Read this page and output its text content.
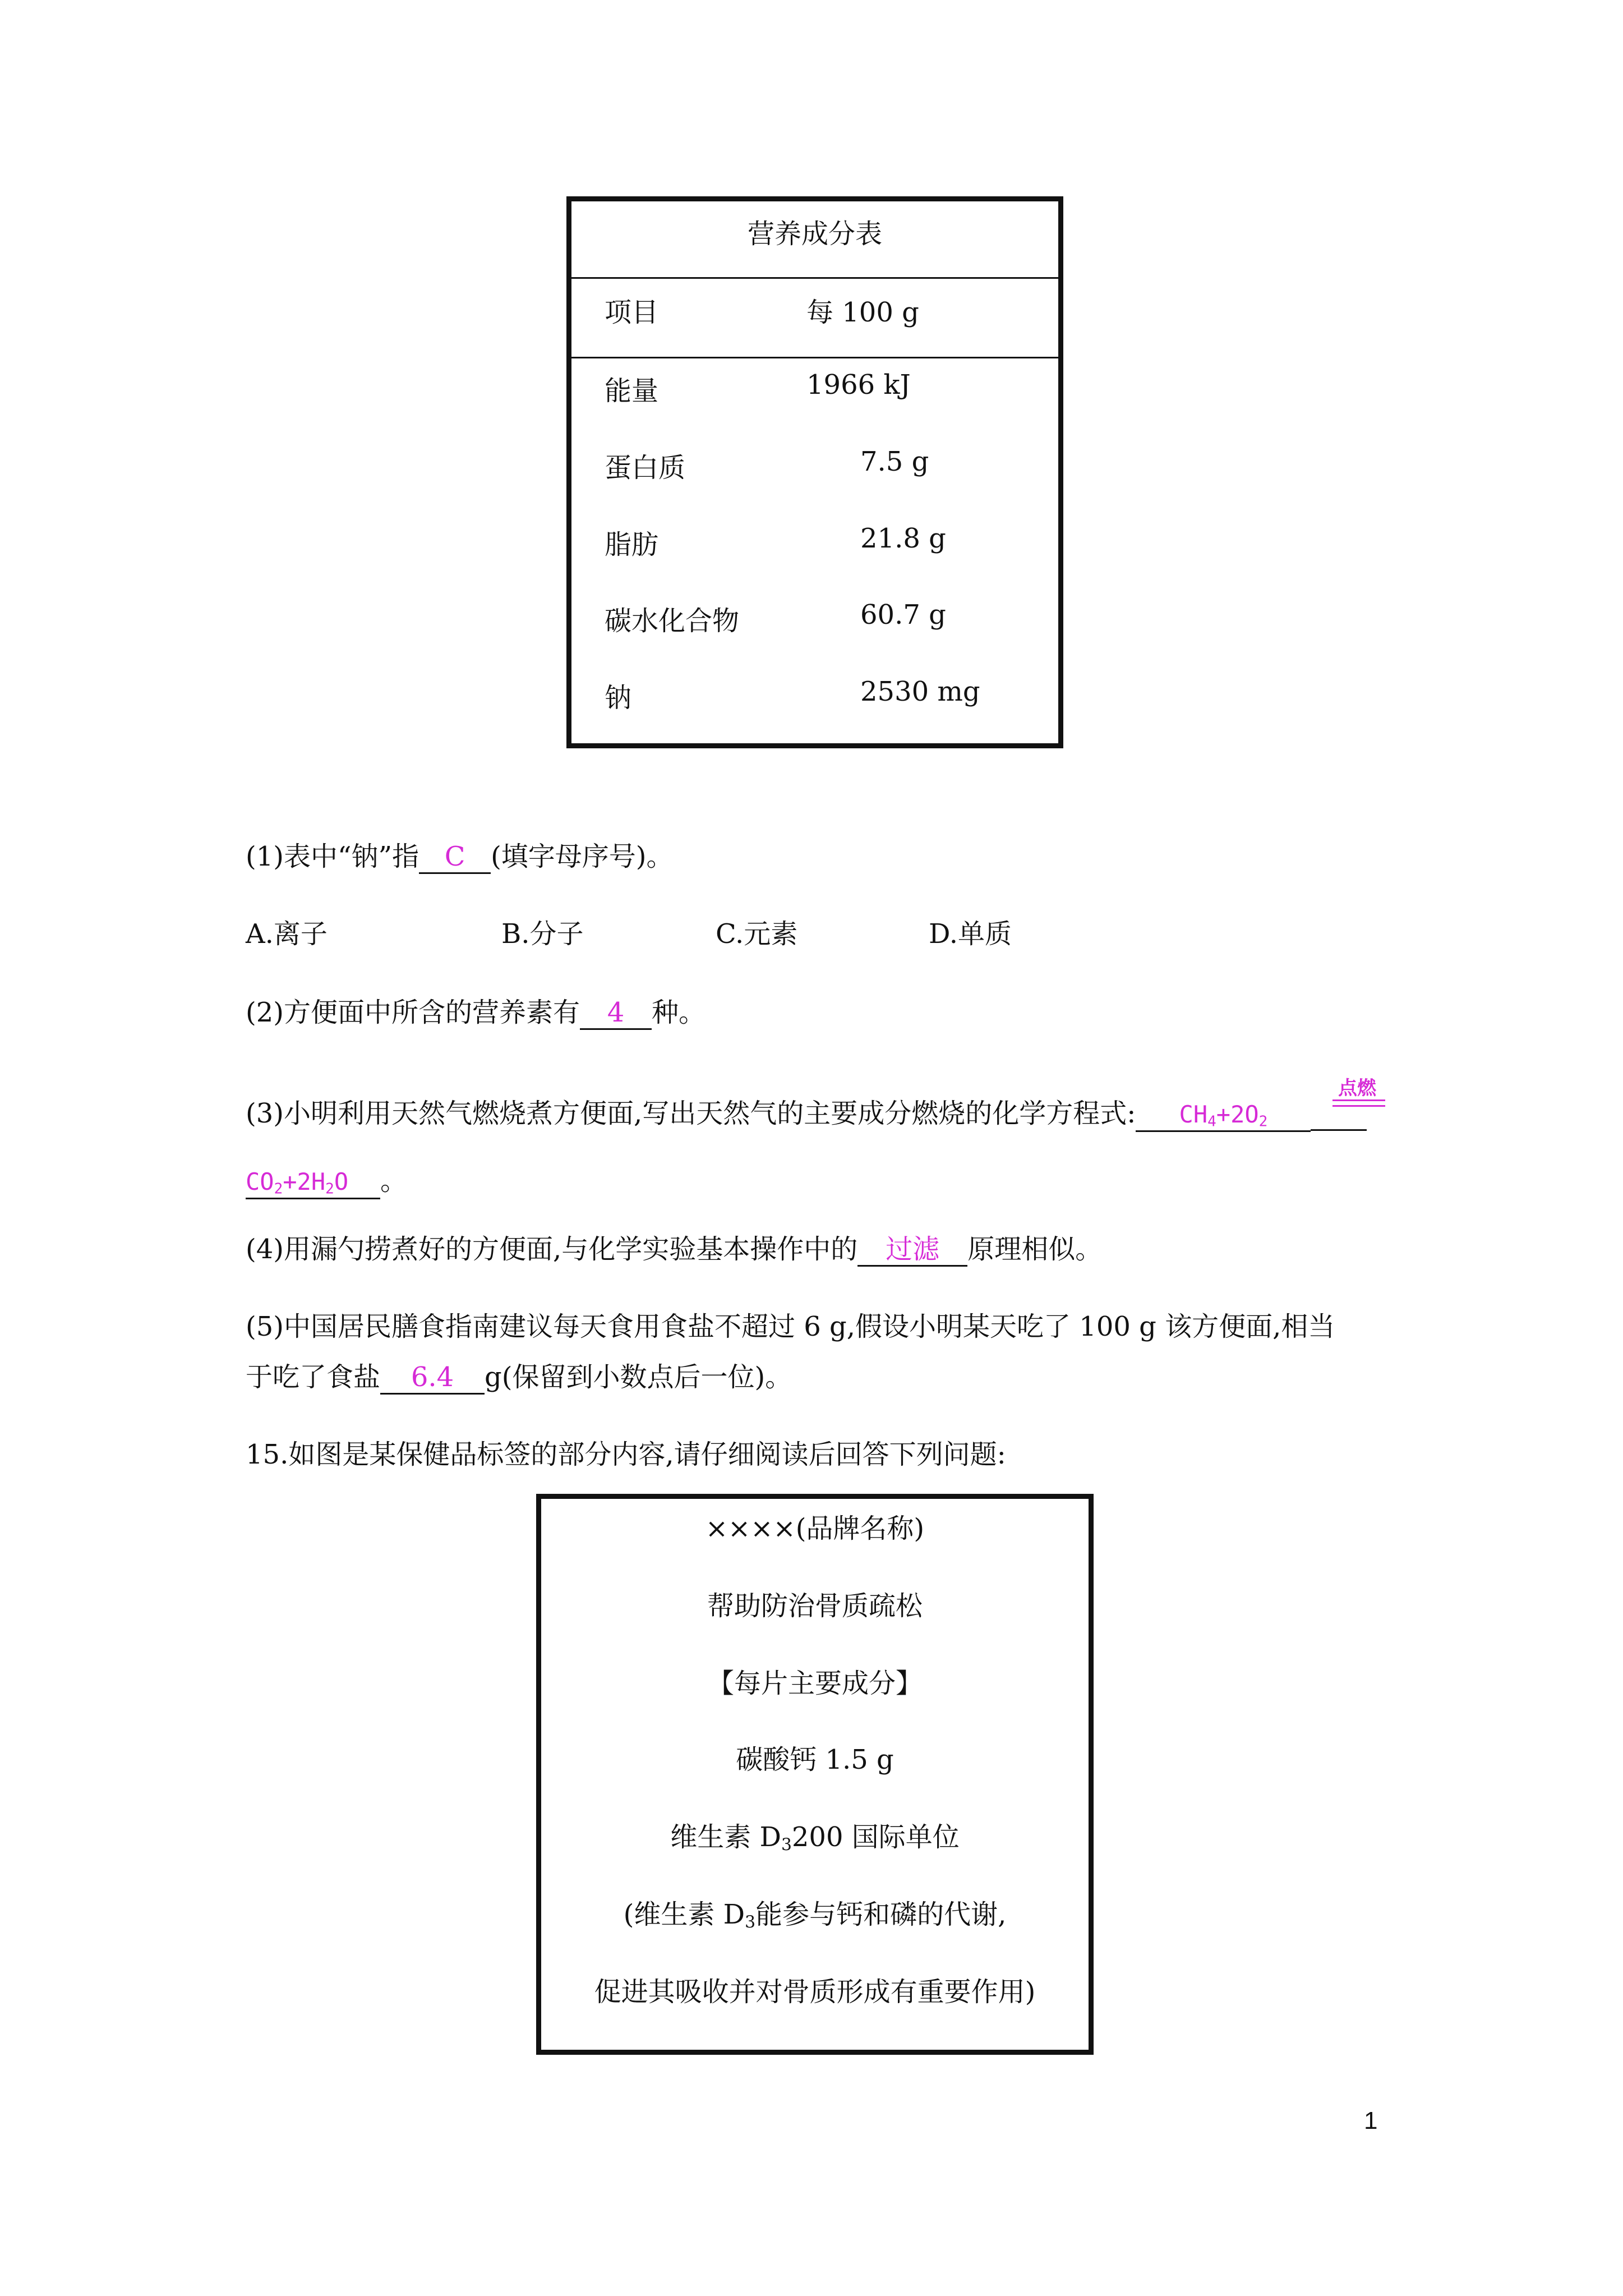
营养成分表
项目	每 100 g
能量	1966 kJ
蛋白质	7.5 g
脂肪	21.8 g
碳水化合物	60.7 g
钠	2530 mg
(1)表中“钠”指 C (填字母序号)。
A.离子	B.分子	C.元素	D.单质
(2)方便面中所含的营养素有 4 种。
(3)小明利用天然气燃烧煮方便面,写出天然气的主要成分燃烧的化学方程式: $CH_4+2O_2$
点燃
$CO_2+2H_2O$ 。
(4)用漏勺捞煮好的方便面,与化学实验基本操作中的 过滤 原理相似。
(5)中国居民膳食指南建议每天食用食盐不超过 6 g,假设小明某天吃了 100 g 该方便面,相当
于吃了食盐 6.4 g(保留到小数点后一位)。
15.如图是某保健品标签的部分内容,请仔细阅读后回答下列问题:
××××(品牌名称)
帮助防治骨质疏松
【每片主要成分】
碳酸钙 1.5 g
维生素 $D_3200$ 国际单位
(维生素 $D_3$能参与钙和磷的代谢,
促进其吸收并对骨质形成有重要作用)
1
